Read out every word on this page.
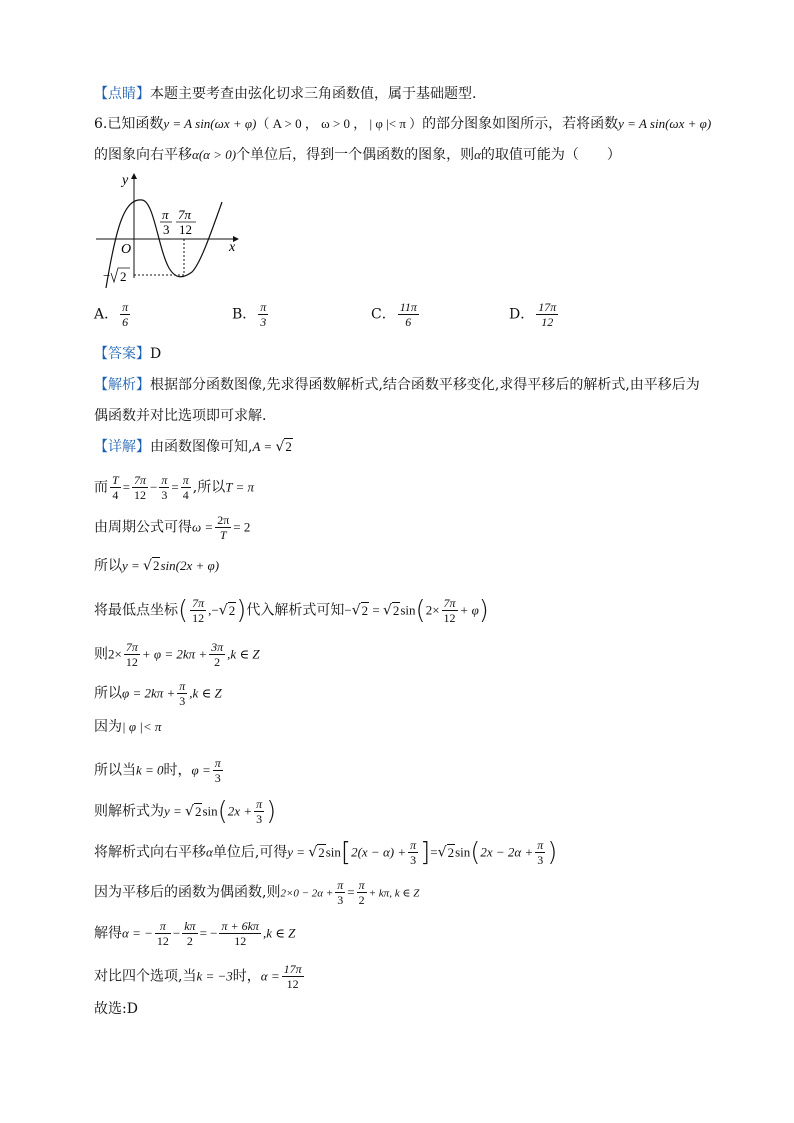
【点睛】本题主要考查由弦化切求三角函数值，属于基础题型.
6.已知函数y = A sin(ωx + φ)（ A > 0 ， ω > 0 ， | φ |< π ）的部分图象如图所示，若将函数y = A sin(ωx + φ)
的图象向右平移α(α > 0)个单位后，得到一个偶函数的图象，则α的取值可能为（　　）
y
x
O
π
3
7π
12
− 2
A． $\frac{\pi}{6}$	B． $\frac{\pi}{3}$	C． $\frac{11\pi}{6}$	D． $\frac{17\pi}{12}$
【答案】D
【解析】根据部分函数图像,先求得函数解析式,结合函数平移变化,求得平移后的解析式,由平移后为
偶函数并对比选项即可求解.
【详解】由函数图像可知,A = √2
而 $\frac{T}{4} = \frac{7\pi}{12} - \frac{\pi}{3} = \frac{\pi}{4}$ ,所以T = π
由周期公式可得$\omega = \frac{2\pi}{T} = 2$
所以y = √2sin(2x + φ)
将最低点坐标( $\frac{7\pi}{12} ,-√2$)代入解析式可知$-√2 = √2\sin(2\times \frac{7\pi}{12} + \varphi)$
则$2\times \frac{7\pi}{12} + \varphi = 2k\pi + \frac{3\pi}{2} ,k$ ∈ Z
所以$\varphi = 2k\pi + \frac{\pi}{3} ,k$ ∈ Z
因为| φ |< π
所以当k = 0时，$\varphi = \frac{\pi}{3}$
则解析式为$y = √2\sin(2x + \frac{\pi}{3}$ )
将解析式向右平移α单位后,可得$y = √2\sin[2(x - \alpha) + \frac{\pi}{3} ]=√2\sin(2x - 2\alpha + \frac{\pi}{3}$ )
因为平移后的函数为偶函数,则$2\times 0 - 2\alpha + \frac{\pi}{3} = \frac{\pi}{2} + k\pi$, k ∈ Z
解得α = − $\frac{\pi}{12} - \frac{k\pi}{2}$ = − $\frac{\pi + 6k\pi}{12} ,k$ ∈ Z
对比四个选项,当k = −3时，$\alpha = \frac{17\pi}{12}$
故选:D
